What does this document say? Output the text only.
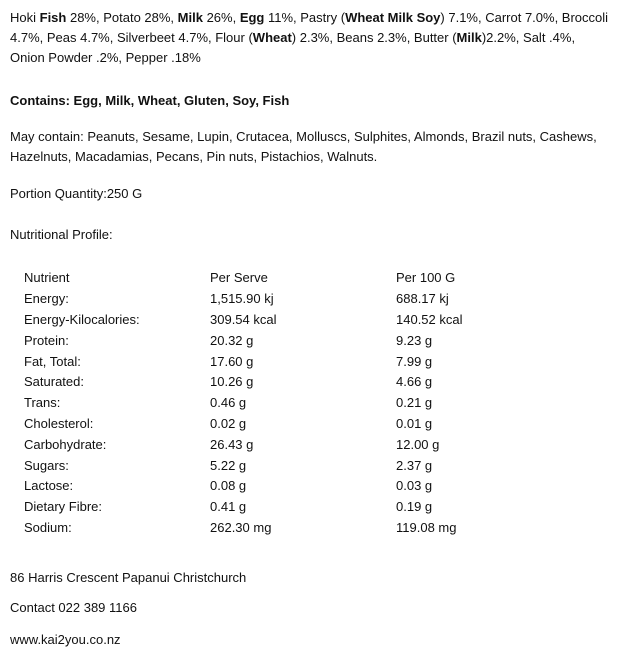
Hoki Fish 28%, Potato 28%, Milk 26%, Egg 11%, Pastry (Wheat Milk Soy) 7.1%, Carrot 7.0%, Broccoli 4.7%, Peas 4.7%, Silverbeet 4.7%, Flour (Wheat) 2.3%, Beans 2.3%, Butter (Milk)2.2%, Salt .4%, Onion Powder .2%, Pepper .18%
Contains: Egg, Milk, Wheat, Gluten, Soy, Fish
May contain: Peanuts, Sesame, Lupin, Crutacea, Molluscs, Sulphites, Almonds, Brazil nuts, Cashews, Hazelnuts, Macadamias, Pecans, Pin nuts, Pistachios, Walnuts.
Portion Quantity:250 G
Nutritional Profile:
Nutrient	Per Serve	Per 100 G
Energy:	1,515.90 kj	688.17 kj
Energy-Kilocalories:	309.54 kcal	140.52 kcal
Protein:	20.32 g	9.23 g
Fat, Total:	17.60 g	7.99 g
Saturated:	10.26 g	4.66 g
Trans:	0.46 g	0.21 g
Cholesterol:	0.02 g	0.01 g
Carbohydrate:	26.43 g	12.00 g
Sugars:	5.22 g	2.37 g
Lactose:	0.08 g	0.03 g
Dietary Fibre:	0.41 g	0.19 g
Sodium:	262.30 mg	119.08 mg
86 Harris Crescent Papanui Christchurch
Contact 022 389 1166
www.kai2you.co.nz
